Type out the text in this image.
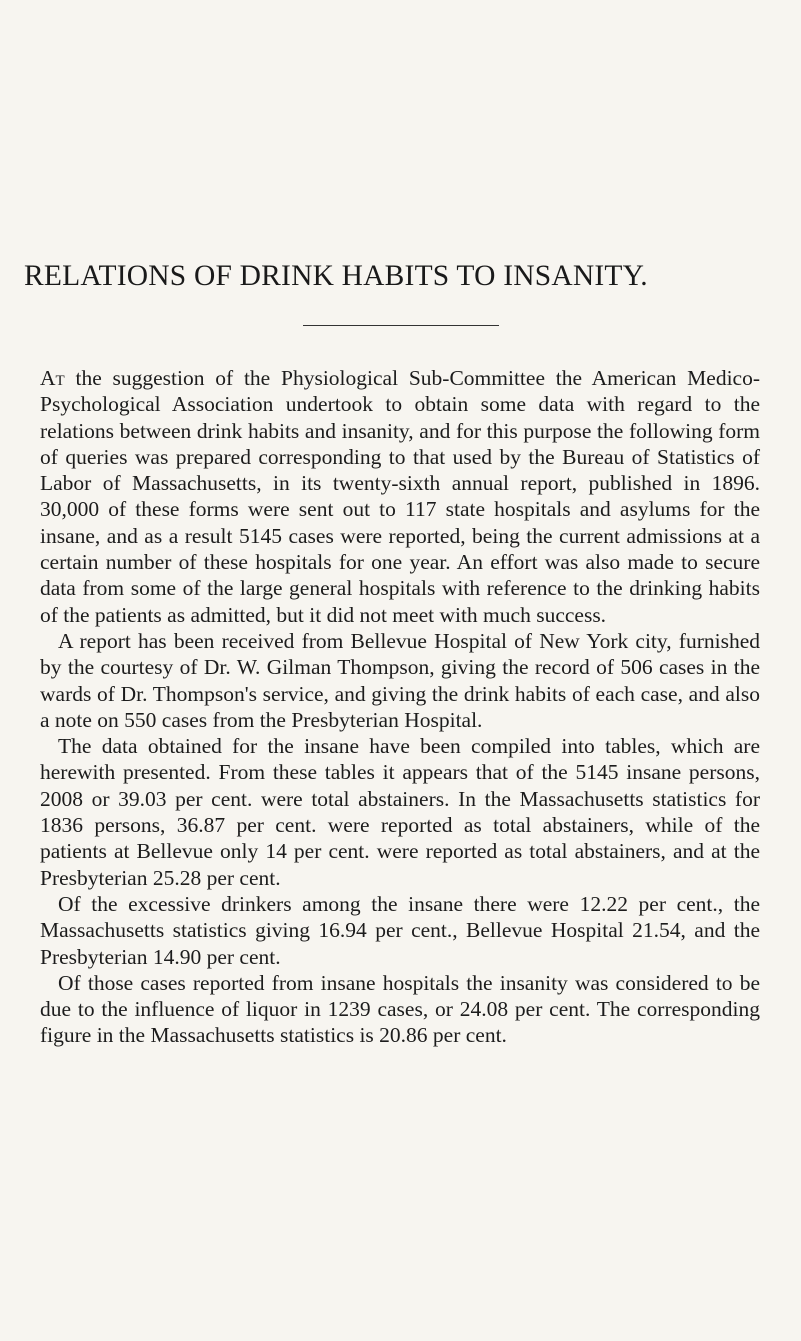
RELATIONS OF DRINK HABITS TO INSANITY.

At the suggestion of the Physiological Sub-Committee the American Medico-Psychological Association undertook to obtain some data with regard to the relations between drink habits and insanity, and for this purpose the following form of queries was prepared corresponding to that used by the Bureau of Statistics of Labor of Massachusetts, in its twenty-sixth annual report, published in 1896. 30,000 of these forms were sent out to 117 state hospitals and asylums for the insane, and as a result 5145 cases were reported, being the current admissions at a certain number of these hospitals for one year. An effort was also made to secure data from some of the large general hospitals with reference to the drinking habits of the patients as admitted, but it did not meet with much success.

A report has been received from Bellevue Hospital of New York city, furnished by the courtesy of Dr. W. Gilman Thompson, giving the record of 506 cases in the wards of Dr. Thompson's service, and giving the drink habits of each case, and also a note on 550 cases from the Presbyterian Hospital.

The data obtained for the insane have been compiled into tables, which are herewith presented. From these tables it appears that of the 5145 insane persons, 2008 or 39.03 per cent. were total abstainers. In the Massachusetts statistics for 1836 persons, 36.87 per cent. were reported as total abstainers, while of the patients at Bellevue only 14 per cent. were reported as total abstainers, and at the Presbyterian 25.28 per cent.

Of the excessive drinkers among the insane there were 12.22 per cent., the Massachusetts statistics giving 16.94 per cent., Bellevue Hospital 21.54, and the Presbyterian 14.90 per cent.

Of those cases reported from insane hospitals the insanity was considered to be due to the influence of liquor in 1239 cases, or 24.08 per cent. The corresponding figure in the Massachusetts statistics is 20.86 per cent.
